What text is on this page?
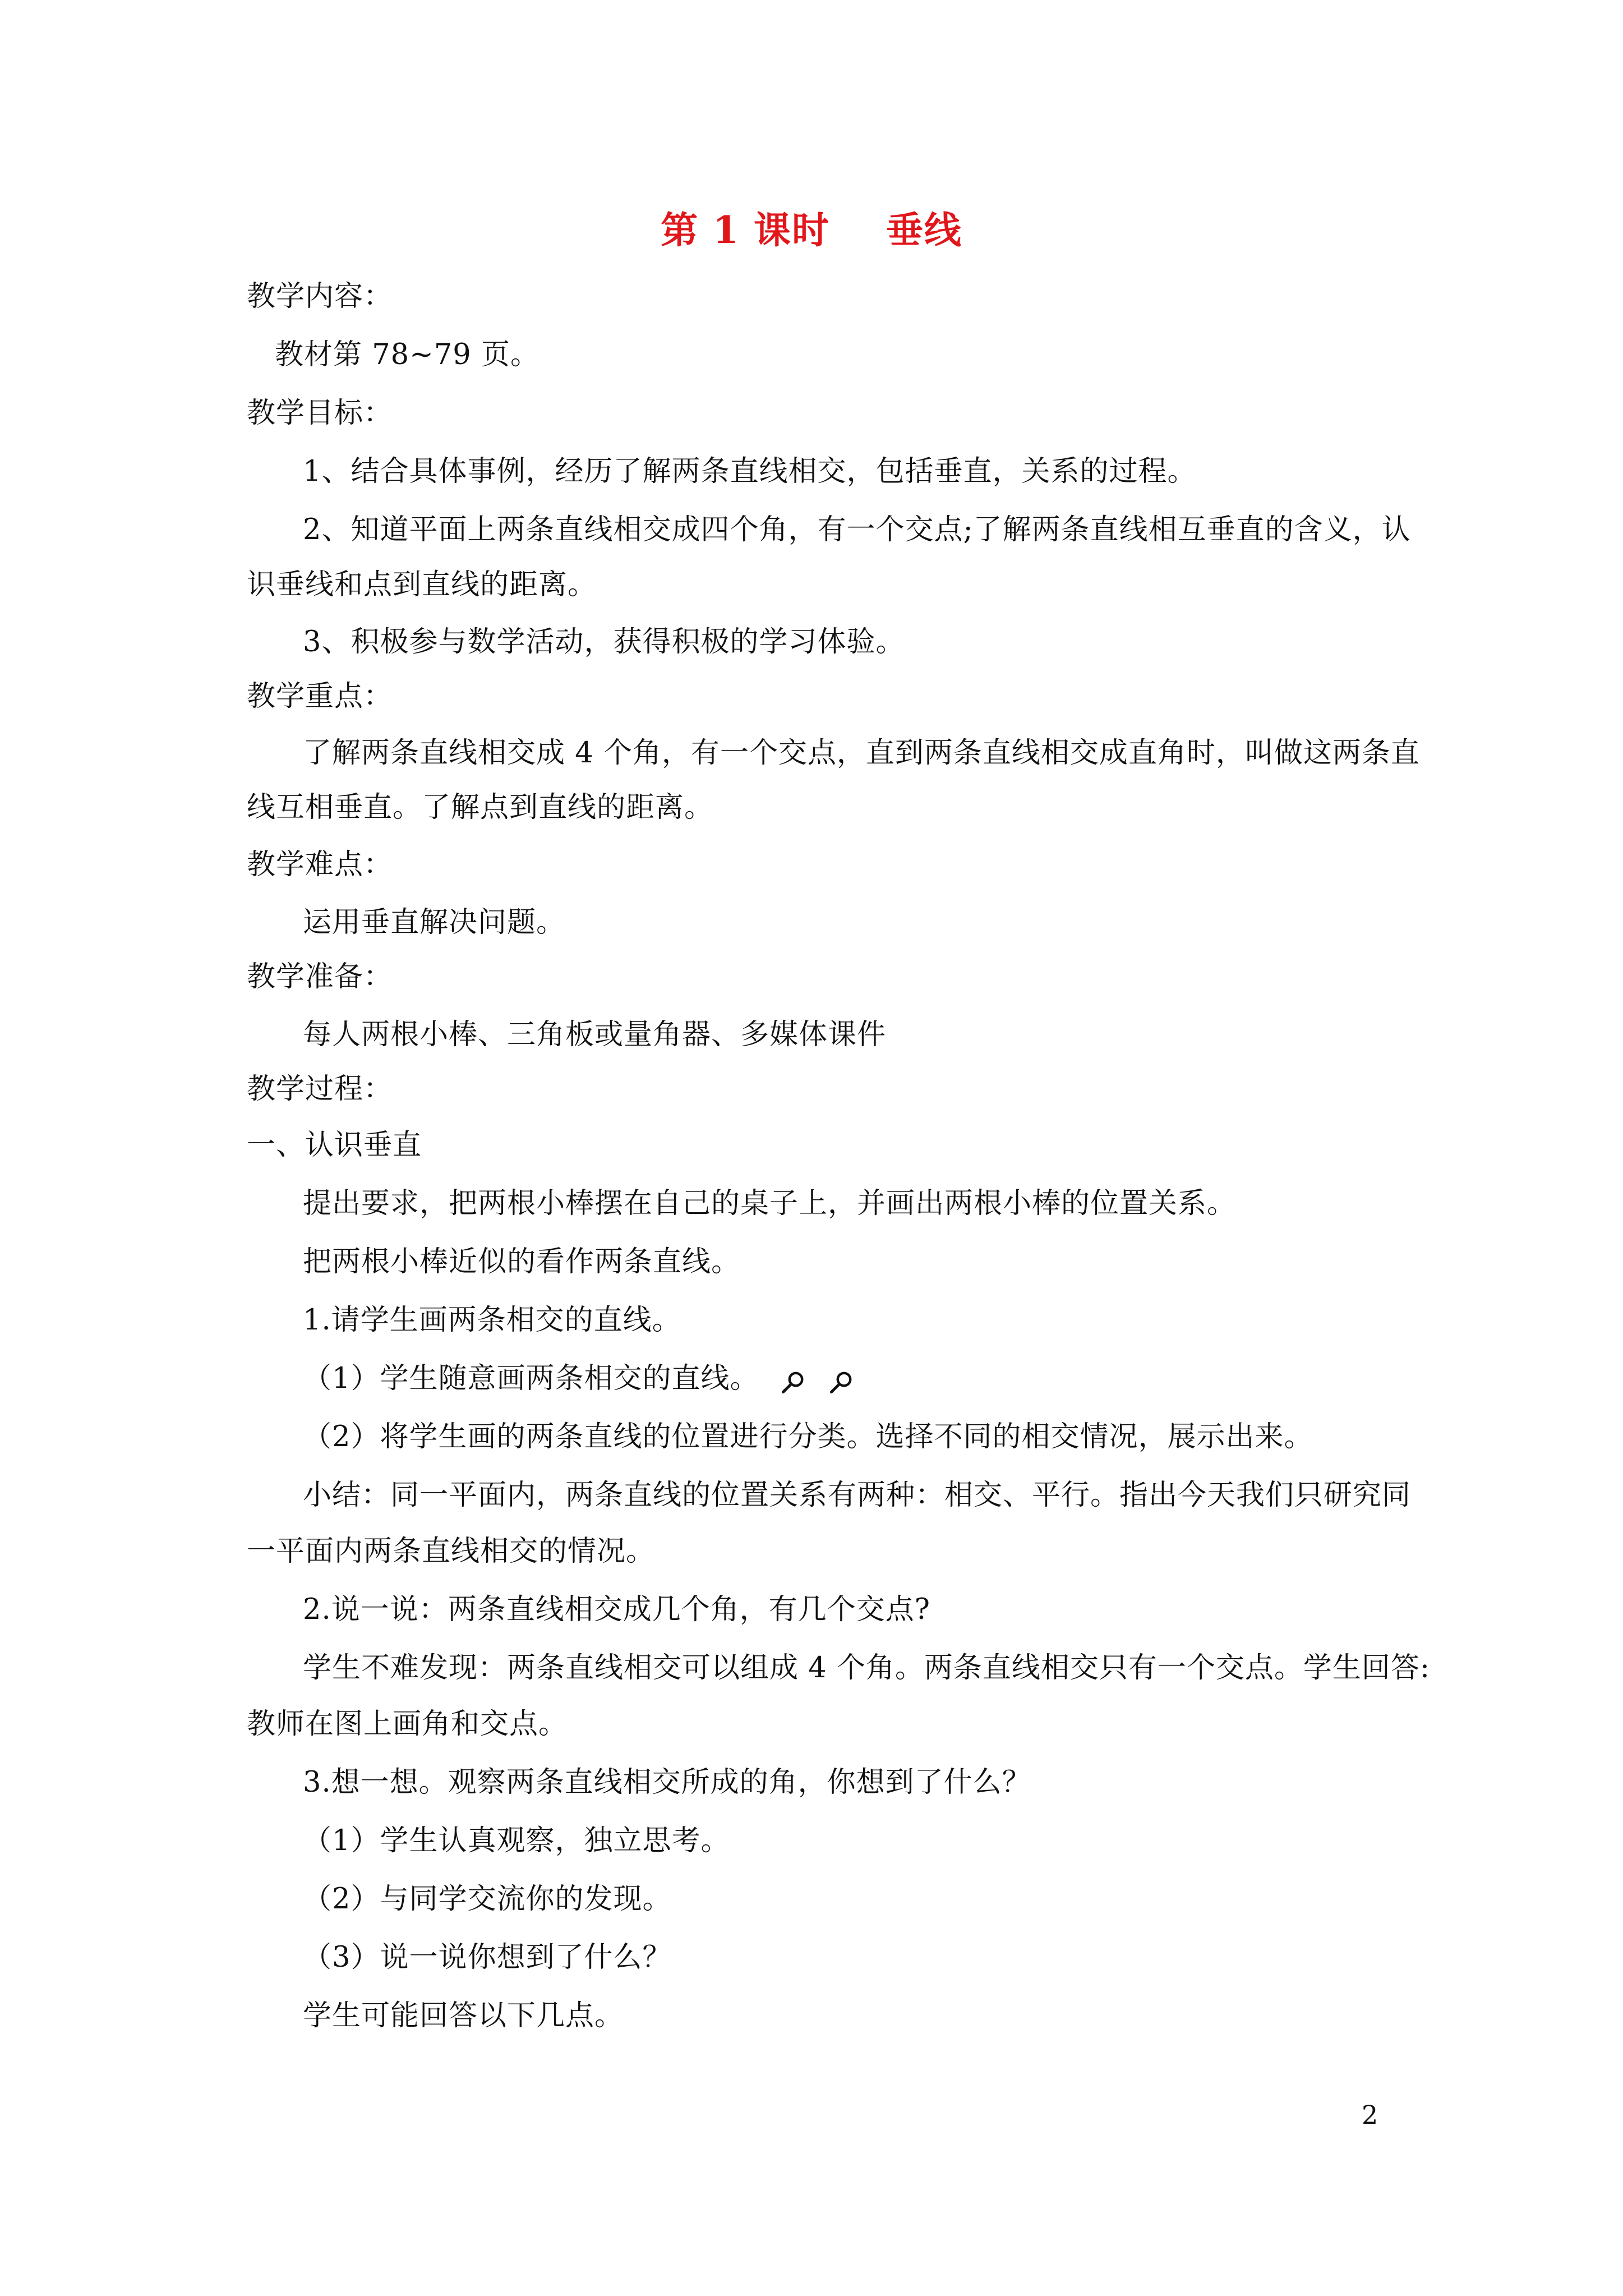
第 1 课时    垂线
教学内容：
教材第 78~79 页。
教学目标：
1、结合具体事例，经历了解两条直线相交，包括垂直，关系的过程。
2、知道平面上两条直线相交成四个角，有一个交点;了解两条直线相互垂直的含义，认
识垂线和点到直线的距离。
3、积极参与数学活动，获得积极的学习体验。
教学重点：
了解两条直线相交成 4 个角，有一个交点，直到两条直线相交成直角时，叫做这两条直
线互相垂直。了解点到直线的距离。
教学难点：
运用垂直解决问题。
教学准备：
每人两根小棒、三角板或量角器、多媒体课件
教学过程：
一、认识垂直
提出要求，把两根小棒摆在自己的桌子上，并画出两根小棒的位置关系。
把两根小棒近似的看作两条直线。
1.请学生画两条相交的直线。
（1）学生随意画两条相交的直线。
（2）将学生画的两条直线的位置进行分类。选择不同的相交情况，展示出来。
小结：同一平面内，两条直线的位置关系有两种：相交、平行。指出今天我们只研究同
一平面内两条直线相交的情况。
2.说一说：两条直线相交成几个角，有几个交点?
学生不难发现：两条直线相交可以组成 4 个角。两条直线相交只有一个交点。学生回答:
教师在图上画角和交点。
3.想一想。观察两条直线相交所成的角，你想到了什么？
（1）学生认真观察，独立思考。
（2）与同学交流你的发现。
（3）说一说你想到了什么？
学生可能回答以下几点。
2
